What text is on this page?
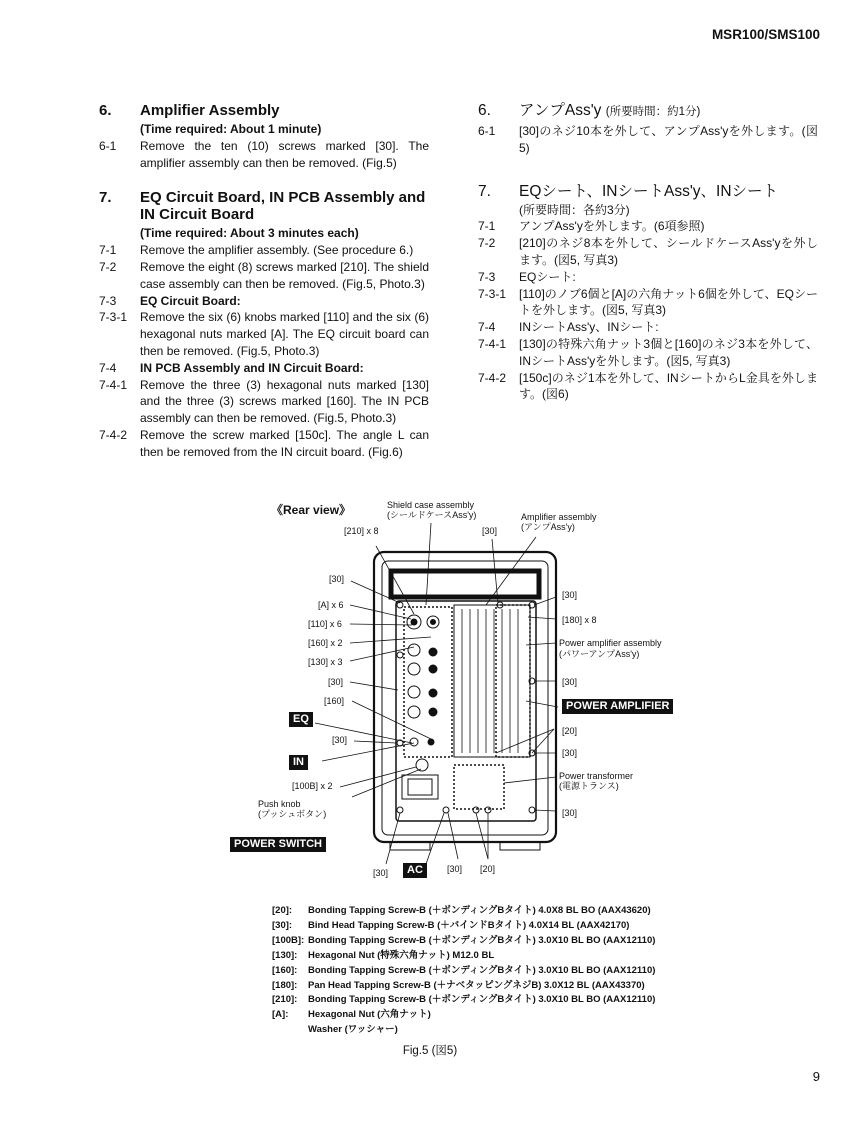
MSR100/SMS100
6.	Amplifier Assembly
(Time required: About 1 minute)
6-1	Remove the ten (10) screws marked [30]. The amplifier assembly can then be removed. (Fig.5)
7.	EQ Circuit Board, IN PCB Assembly and IN Circuit Board
(Time required: About 3 minutes each)
7-1	Remove the amplifier assembly. (See procedure 6.)
7-2	Remove the eight (8) screws marked [210]. The shield case assembly can then be removed. (Fig.5, Photo.3)
7-3	EQ Circuit Board:
7-3-1	Remove the six (6) knobs marked [110] and the six (6) hexagonal nuts marked [A]. The EQ circuit board can then be removed. (Fig.5, Photo.3)
7-4	IN PCB Assembly and IN Circuit Board:
7-4-1	Remove the three (3) hexagonal nuts marked [130] and the three (3) screws marked [160]. The IN PCB assembly can then be removed. (Fig.5, Photo.3)
7-4-2	Remove the screw marked [150c]. The angle L can then be removed from the IN circuit board. (Fig.6)
6.	アンプAss'y (所要時間：約1分)
6-1	[30]のネジ10本を外して、アンプAss'yを外します。(図5)
7.	EQシート、INシートAss'y、INシート
(所要時間：各約3分)
7-1	アンプAss'yを外します。(6項参照)
7-2	[210]のネジ8本を外して、シールドケースAss'yを外します。(図5, 写真3)
7-3	EQシート:
7-3-1	[110]のノブ6個と[A]の六角ナット6個を外して、EQシートを外します。(図5, 写真3)
7-4	INシートAss'y、INシート:
7-4-1	[130]の特殊六角ナット3個と[160]のネジ3本を外して、INシートAss'yを外します。(図5, 写真3)
7-4-2	[150c]のネジ1本を外して、INシートからL金具を外します。(図6)
《Rear view》	Shield case assembly
(シールドケースAss'y)	Amplifier assembly
(アンプAss'y)
[210] x 8	[30]
[30]
[A] x 6
[110] x 6
[160] x 2
[130] x 3
[30]
[160]
[30]
[100B] x 2
Push knob
(プッシュボタン)
[30]
[180] x 8
Power amplifier assembly
(パワーアンプAss'y)
[30]
[20]
[30]
Power transformer
(電源トランス)
[30]
[30]	[30] [20]
EQ
IN
POWER AMPLIFIER
POWER SWITCH
AC
[20]:	Bonding Tapping Screw-B (＋ボンディングBタイト) 4.0X8 BL BO (AAX43620)
[30]:	Bind Head Tapping Screw-B (＋バインドBタイト) 4.0X14 BL (AAX42170)
[100B]: Bonding Tapping Screw-B (＋ボンディングBタイト) 3.0X10 BL BO (AAX12110)
[130]:	Hexagonal Nut (特殊六角ナット) M12.0 BL
[160]:	Bonding Tapping Screw-B (＋ボンディングBタイト) 3.0X10 BL BO (AAX12110)
[180]:	Pan Head Tapping Screw-B (＋ナベタッピングネジB) 3.0X12 BL (AAX43370)
[210]:	Bonding Tapping Screw-B (＋ボンディングBタイト) 3.0X10 BL BO (AAX12110)
[A]:	Hexagonal Nut (六角ナット)
Washer (ワッシャー)
Fig.5 (図5)
9
